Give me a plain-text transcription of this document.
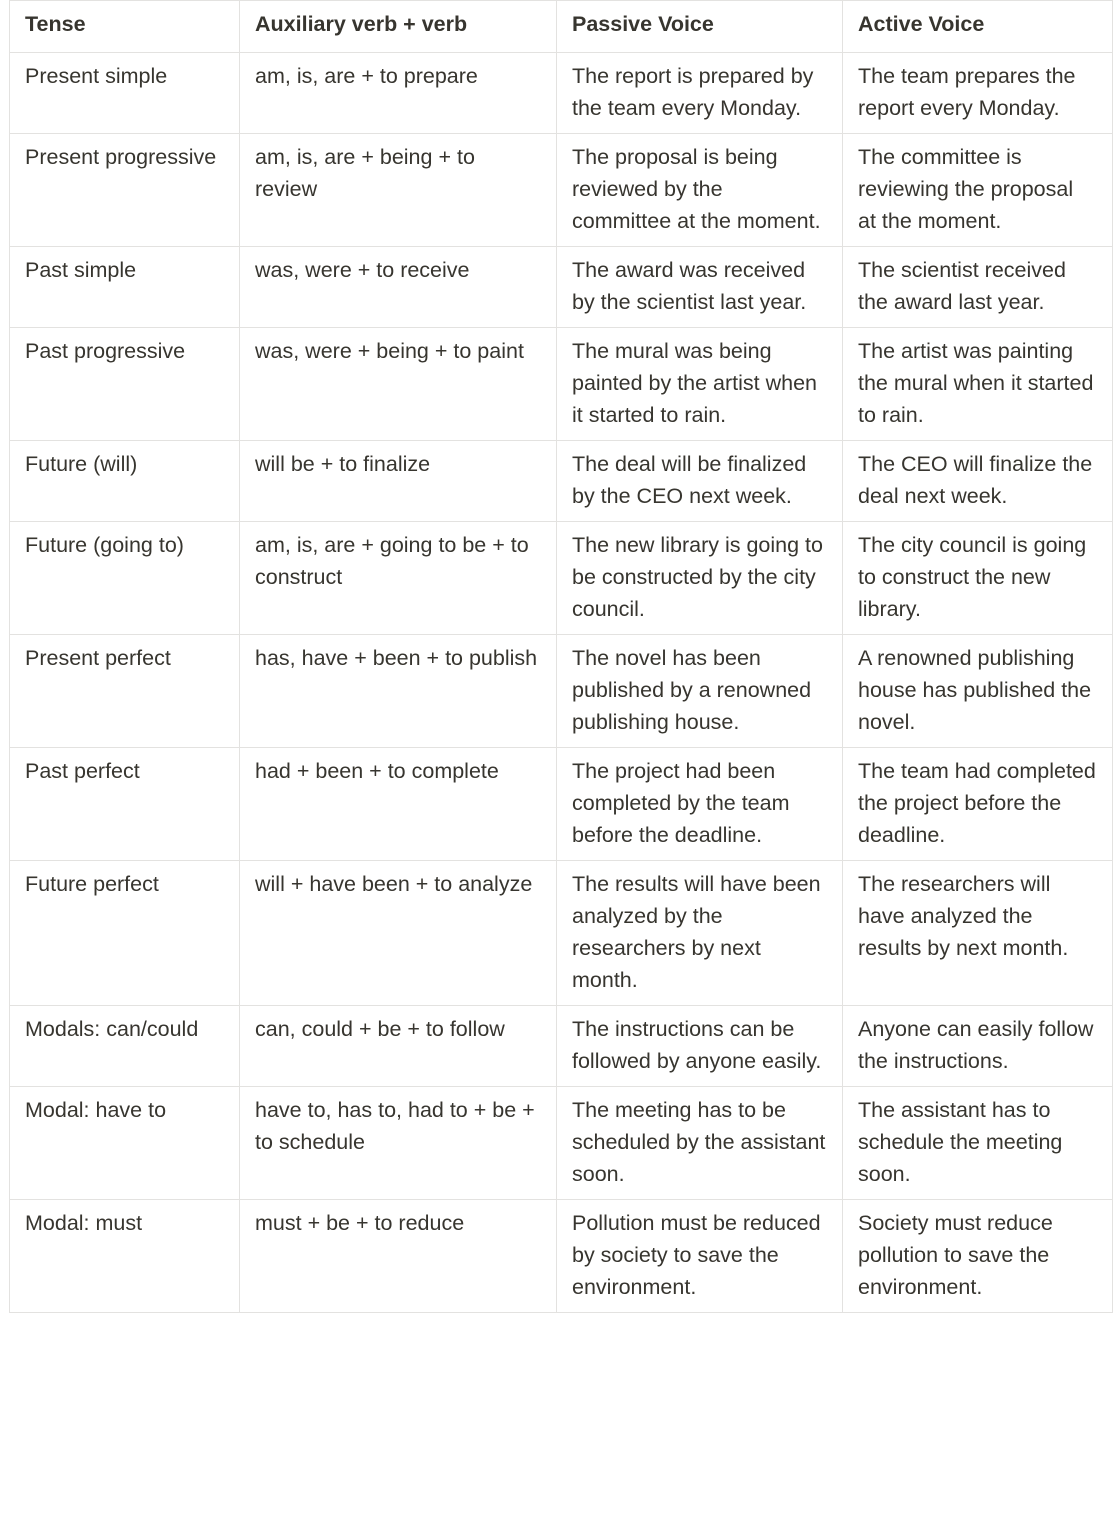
Tense	Auxiliary verb + verb	Passive Voice	Active Voice
Present simple	am, is, are + to prepare	The report is prepared by the team every Monday.	The team prepares the report every Monday.
Present progressive	am, is, are + being + to review	The proposal is being reviewed by the committee at the moment.	The committee is reviewing the proposal at the moment.
Past simple	was, were + to receive	The award was received by the scientist last year.	The scientist received the award last year.
Past progressive	was, were + being + to paint	The mural was being painted by the artist when it started to rain.	The artist was painting the mural when it started to rain.
Future (will)	will be + to finalize	The deal will be finalized by the CEO next week.	The CEO will finalize the deal next week.
Future (going to)	am, is, are + going to be + to construct	The new library is going to be constructed by the city council.	The city council is going to construct the new library.
Present perfect	has, have + been + to publish	The novel has been published by a renowned publishing house.	A renowned publishing house has published the novel.
Past perfect	had + been + to complete	The project had been completed by the team before the deadline.	The team had completed the project before the deadline.
Future perfect	will + have been + to analyze	The results will have been analyzed by the researchers by next month.	The researchers will have analyzed the results by next month.
Modals: can/could	can, could + be + to follow	The instructions can be followed by anyone easily.	Anyone can easily follow the instructions.
Modal: have to	have to, has to, had to + be + to schedule	The meeting has to be scheduled by the assistant soon.	The assistant has to schedule the meeting soon.
Modal: must	must + be + to reduce	Pollution must be reduced by society to save the environment.	Society must reduce pollution to save the environment.
